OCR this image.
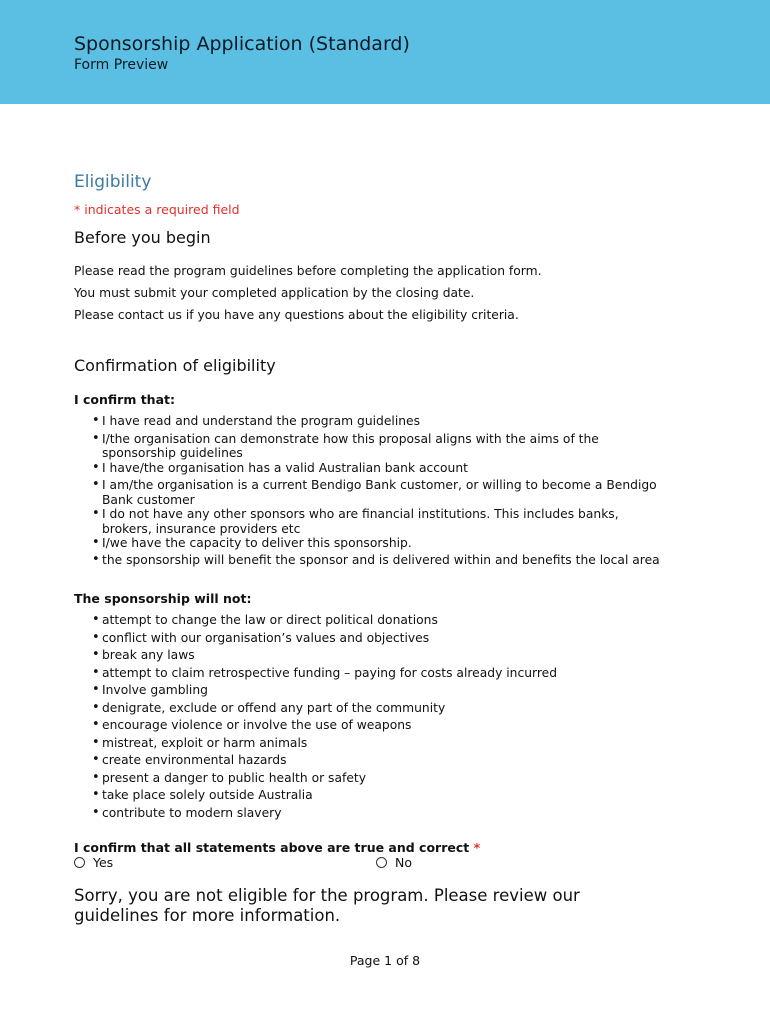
Sponsorship Application (Standard)
Form Preview
Eligibility
* indicates a required field
Before you begin
Please read the program guidelines before completing the application form.
You must submit your completed application by the closing date.
Please contact us if you have any questions about the eligibility criteria.
Confirmation of eligibility
I confirm that:
• I have read and understand the program guidelines
• I/the organisation can demonstrate how this proposal aligns with the aims of the sponsorship guidelines
• I have/the organisation has a valid Australian bank account
• I am/the organisation is a current Bendigo Bank customer, or willing to become a Bendigo Bank customer
• I do not have any other sponsors who are financial institutions. This includes banks, brokers, insurance providers etc
• I/we have the capacity to deliver this sponsorship.
• the sponsorship will benefit the sponsor and is delivered within and benefits the local area
The sponsorship will not:
• attempt to change the law or direct political donations
• conflict with our organisation’s values and objectives
• break any laws
• attempt to claim retrospective funding – paying for costs already incurred
• Involve gambling
• denigrate, exclude or offend any part of the community
• encourage violence or involve the use of weapons
• mistreat, exploit or harm animals
• create environmental hazards
• present a danger to public health or safety
• take place solely outside Australia
• contribute to modern slavery
I confirm that all statements above are true and correct *
Yes	No
Sorry, you are not eligible for the program. Please review our guidelines for more information.
Page 1 of 8
